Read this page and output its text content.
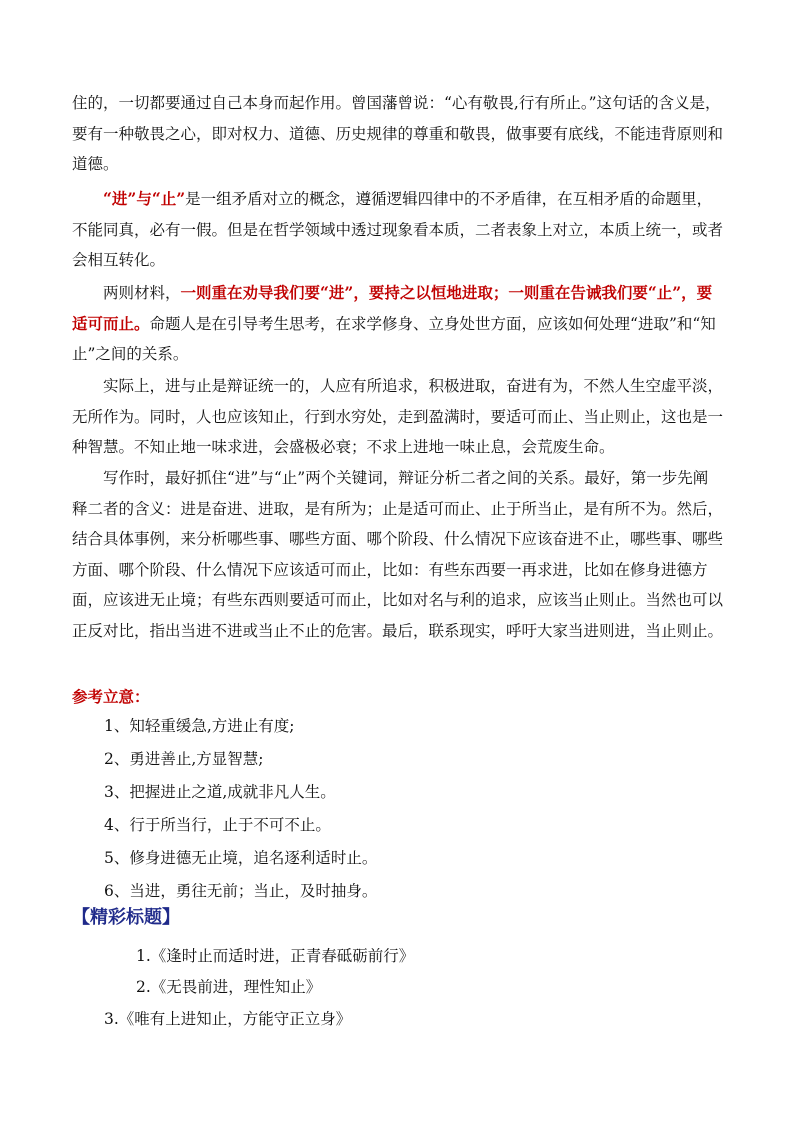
住的，一切都要通过自己本身而起作用。曾国藩曾说：“心有敬畏,行有所止。”这句话的含义是，要有一种敬畏之心，即对权力、道德、历史规律的尊重和敬畏，做事要有底线，不能违背原则和道德。

“进”与“止”是一组矛盾对立的概念，遵循逻辑四律中的不矛盾律，在互相矛盾的命题里，不能同真，必有一假。但是在哲学领域中透过现象看本质，二者表象上对立，本质上统一，或者会相互转化。

两则材料，一则重在劝导我们要“进”，要持之以恒地进取；一则重在告诫我们要“止”，要适可而止。命题人是在引导考生思考，在求学修身、立身处世方面，应该如何处理“进取”和“知止”之间的关系。

实际上，进与止是辩证统一的，人应有所追求，积极进取，奋进有为，不然人生空虚平淡，无所作为。同时，人也应该知止，行到水穷处，走到盈满时，要适可而止、当止则止，这也是一种智慧。不知止地一味求进，会盛极必衰；不求上进地一味止息，会荒废生命。

写作时，最好抓住“进”与“止”两个关键词，辩证分析二者之间的关系。最好，第一步先阐释二者的含义：进是奋进、进取，是有所为；止是适可而止、止于所当止，是有所不为。然后，结合具体事例，来分析哪些事、哪些方面、哪个阶段、什么情况下应该奋进不止，哪些事、哪些方面、哪个阶段、什么情况下应该适可而止，比如：有些东西要一再求进，比如在修身进德方面，应该进无止境；有些东西则要适可而止，比如对名与利的追求，应该当止则止。当然也可以正反对比，指出当进不进或当止不止的危害。最后，联系现实，呼吁大家当进则进，当止则止。

参考立意：

1、知轻重缓急,方进止有度;
2、勇进善止,方显智慧;
3、把握进止之道,成就非凡人生。
4、行于所当行，止于不可不止。
5、修身进德无止境，追名逐利适时止。
6、当进，勇往无前；当止，及时抽身。

【精彩标题】

1.《逢时止而适时进，正青春砥砺前行》

2.《无畏前进，理性知止》

3.《唯有上进知止，方能守正立身》
